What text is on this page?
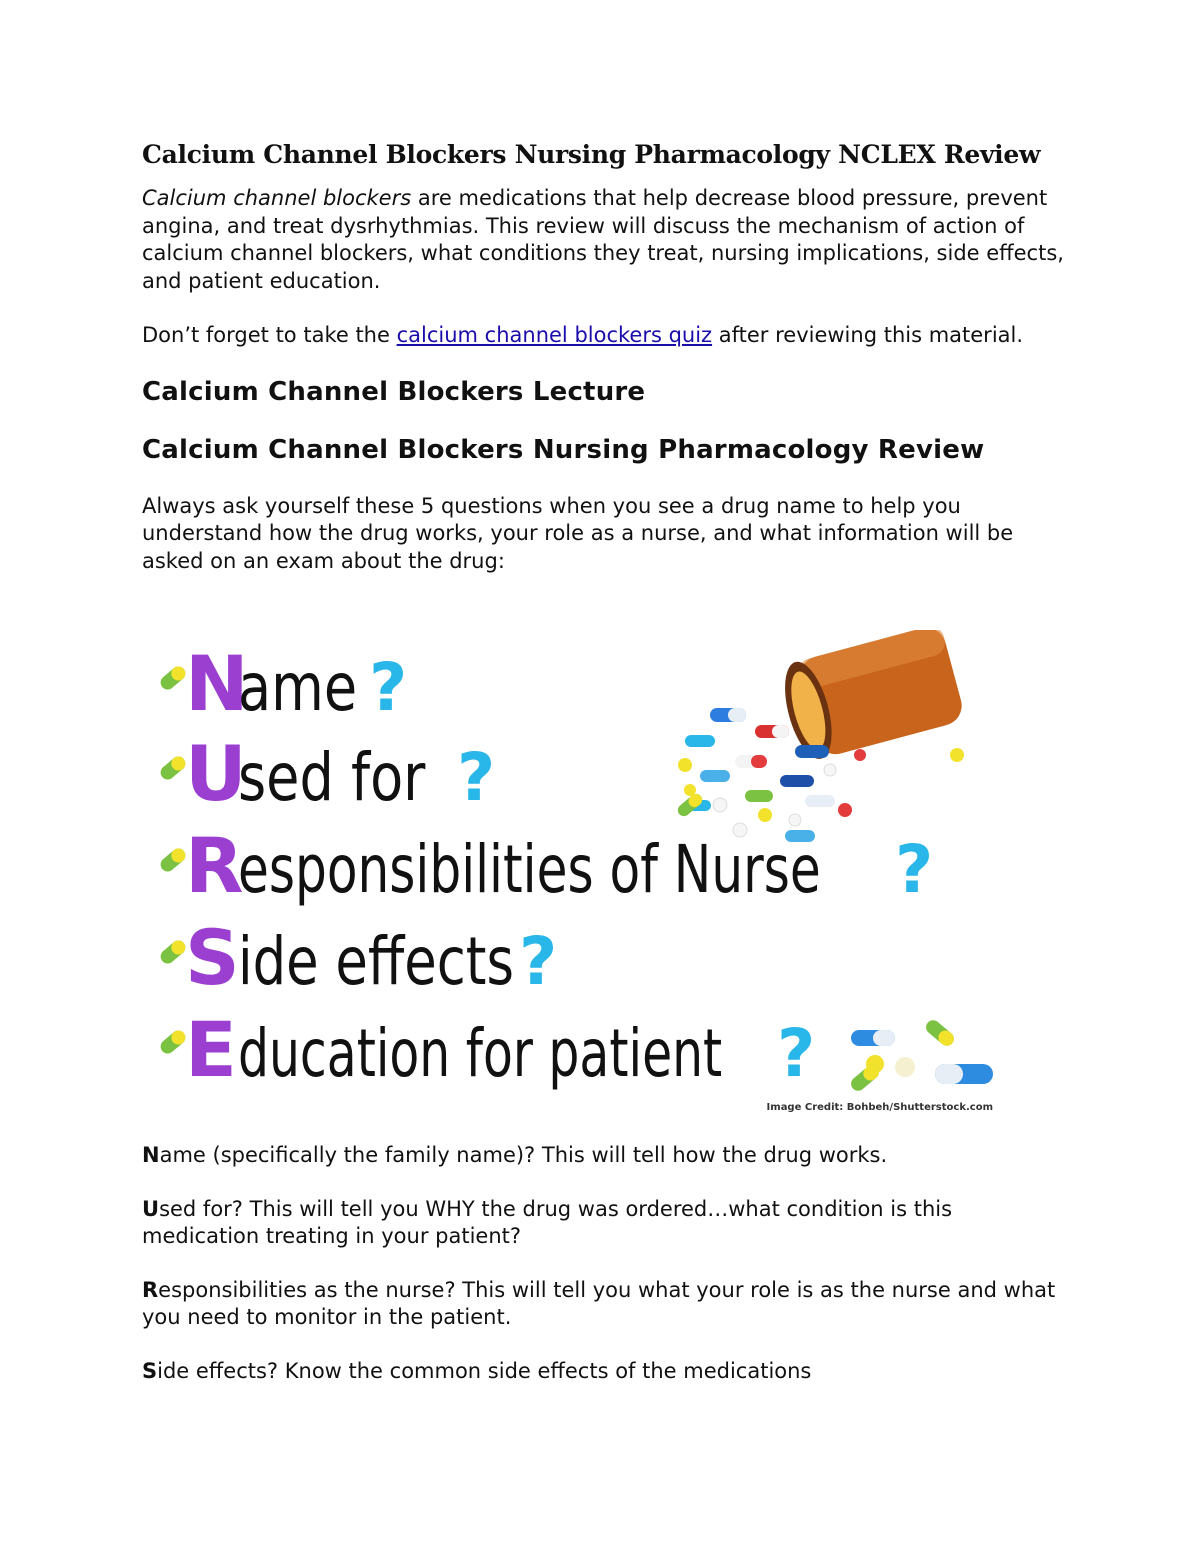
Calcium Channel Blockers Nursing Pharmacology NCLEX Review

Calcium channel blockers are medications that help decrease blood pressure, prevent angina, and treat dysrhythmias. This review will discuss the mechanism of action of calcium channel blockers, what conditions they treat, nursing implications, side effects, and patient education.

Don’t forget to take the calcium channel blockers quiz after reviewing this material.

Calcium Channel Blockers Lecture
Calcium Channel Blockers Nursing Pharmacology Review

Always ask yourself these 5 questions when you see a drug name to help you understand how the drug works, your role as a nurse, and what information will be asked on an exam about the drug:

N
ame ?
U
sed for ?
R
esponsibilities of Nurse ?
S
ide effects ?
E ducation for patient ?
Image Credit: Bohbeh/Shutterstock.com

Name (specifically the family name)? This will tell how the drug works.

Used for? This will tell you WHY the drug was ordered…what condition is this medication treating in your patient?

Responsibilities as the nurse? This will tell you what your role is as the nurse and what you need to monitor in the patient.

Side effects? Know the common side effects of the medications
